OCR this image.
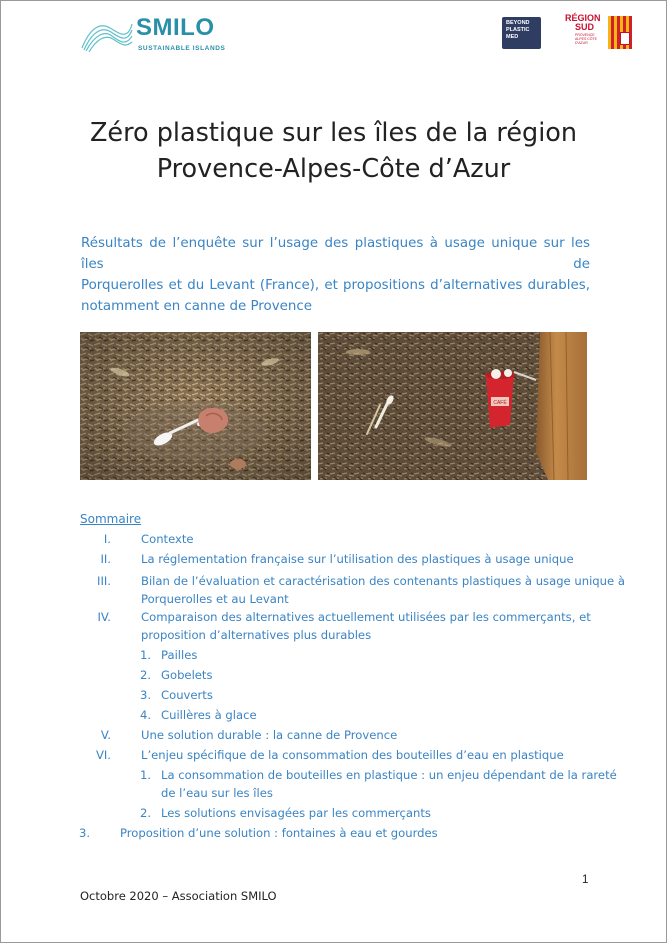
SMILO
SUSTAINABLE ISLANDS
BEYOND
PLASTIC
MED
RÉGION
SUD
PROVENCE ALPES CÔTE D'AZUR
Zéro plastique sur les îles de la région
Provence-Alpes-Côte d’Azur

Résultats de l’enquête sur l’usage des plastiques à usage unique sur les îles de
Porquerolles et du Levant (France), et propositions d’alternatives durables,
notamment en canne de Provence

CAFÉ
Sommaire
I.	Contexte
II.	La réglementation française sur l’utilisation des plastiques à usage unique
III.	Bilan de l’évaluation et caractérisation des contenants plastiques à usage unique à
Porquerolles et au Levant
IV.	Comparaison des alternatives actuellement utilisées par les commerçants, et
proposition d’alternatives plus durables
1. Pailles
2. Gobelets
3. Couverts
4. Cuillères à glace
V.	Une solution durable : la canne de Provence
VI.	L’enjeu spécifique de la consommation des bouteilles d’eau en plastique
1. La consommation de bouteilles en plastique : un enjeu dépendant de la rareté
de l’eau sur les îles
2. Les solutions envisagées par les commerçants
3.	Proposition d’une solution : fontaines à eau et gourdes
1
Octobre 2020 – Association SMILO
